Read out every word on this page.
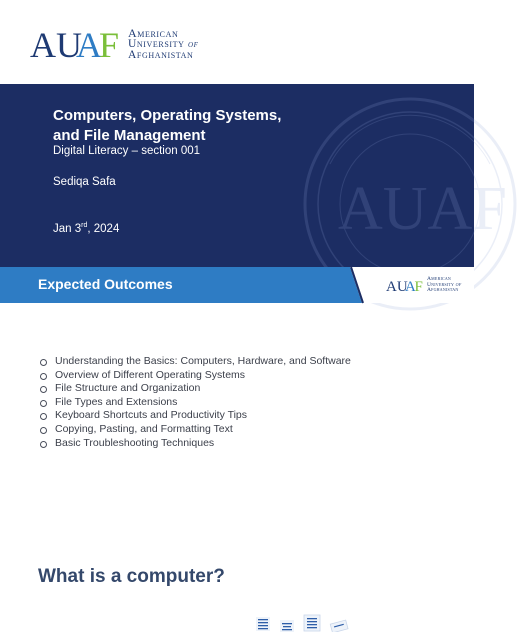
AU
A
F American
University of
Afghanistan
AUAF
Computers, Operating Systems, and File Management
Digital Literacy – section 001
Sediqa Safa
Jan 3rd, 2024
Expected Outcomes	AU
A
F American
University of
Afghanistan
Understanding the Basics: Computers, Hardware, and Software
Overview of Different Operating Systems
File Structure and Organization
File Types and Extensions
Keyboard Shortcuts and Productivity Tips
Copying, Pasting, and Formatting Text
Basic Troubleshooting Techniques
What is a computer?
